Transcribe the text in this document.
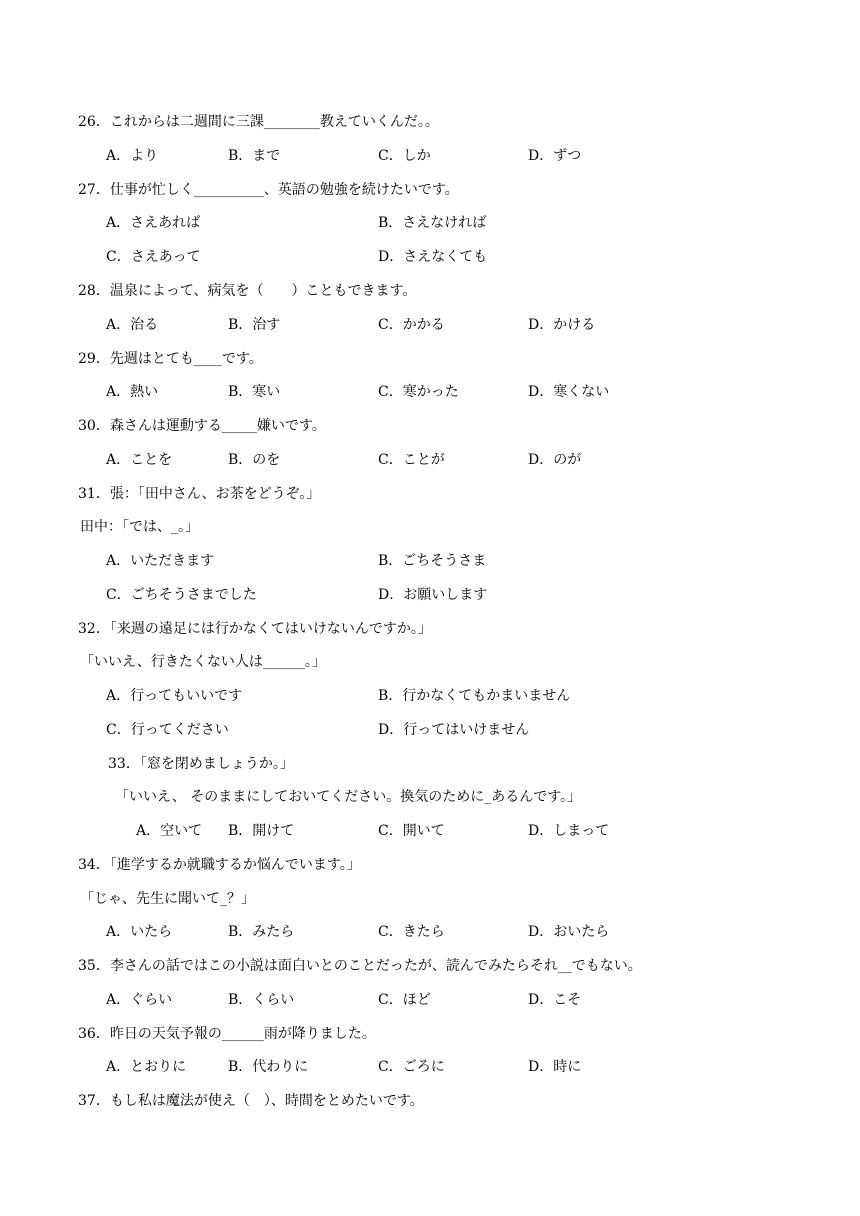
26．これからは二週間に三課________教えていくんだ。。
A．より	B．まで	C．しか	D．ずつ
27．仕事が忙しく__________、英語の勉強を続けたいです。
A．さえあれば	B．さえなければ
C．さえあって	D．さえなくても
28．温泉によって、病気を（　　）こともできます。
A．治る	B．治す	C．かかる	D．かける
29．先週はとても____です。
A．熱い	B．寒い	C．寒かった	D．寒くない
30．森さんは運動する_____嫌いです。
A．ことを	B．のを	C．ことが	D．のが
31．張：「田中さん、お茶をどうぞ。」
田中：「では、_。」
A．いただきます	B．ごちそうさま
C．ごちそうさまでした	D．お願いします
32．「来週の遠足には行かなくてはいけないんですか。」
「いいえ、行きたくない人は______。」
A．行ってもいいです	B．行かなくてもかまいません
C．行ってください	D．行ってはいけません
33．「窓を閉めましょうか。」
「いいえ、 そのままにしておいてください。換気のために_あるんです。」
A．空いて B．開けて	C．開いて	D．しまって
34．「進学するか就職するか悩んでいます。」
「じゃ、先生に聞いて_？」
A．いたら	B．みたら	C．きたら	D．おいたら
35．李さんの話ではこの小説は面白いとのことだったが、読んでみたらそれ__でもない。
A．ぐらい	B．くらい	C．ほど	D．こそ
36．昨日の天気予報の______雨が降りました。
A．とおりに	B．代わりに	C．ごろに	D．時に
37．もし私は魔法が使え（　）、時間をとめたいです。
